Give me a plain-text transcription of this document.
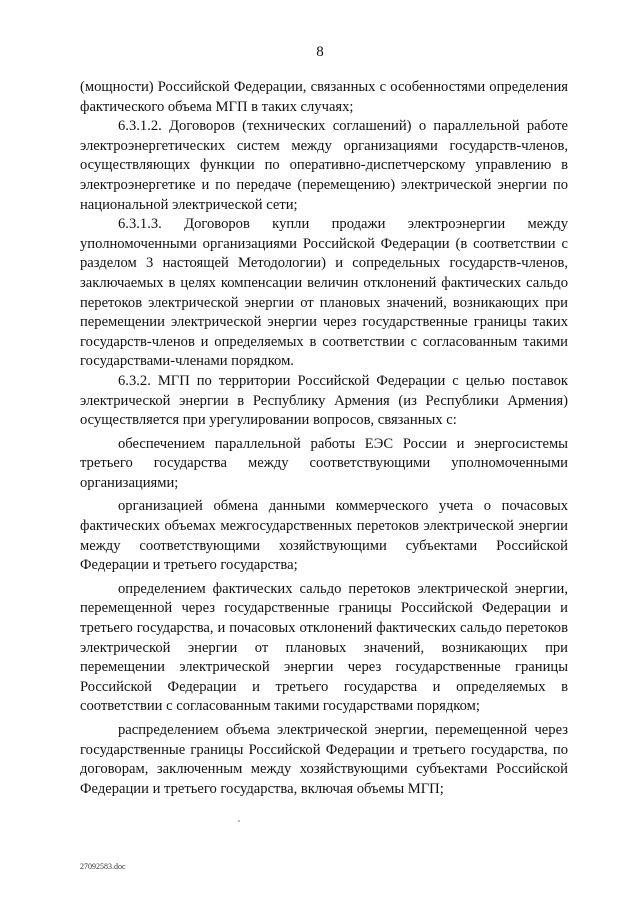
8

(мощности) Российской Федерации, связанных с особенностями определения фактического объема МГП в таких случаях;

6.3.1.2. Договоров (технических соглашений) о параллельной работе электроэнергетических систем между организациями государств-членов, осуществляющих функции по оперативно-диспетчерскому управлению в электроэнергетике и по передаче (перемещению) электрической энергии по национальной электрической сети;

6.3.1.3. Договоров купли продажи электроэнергии между уполномоченными организациями Российской Федерации (в соответствии с разделом 3 настоящей Методологии) и сопредельных государств-членов, заключаемых в целях компенсации величин отклонений фактических сальдо перетоков электрической энергии от плановых значений, возникающих при перемещении электрической энергии через государственные границы таких государств-членов и определяемых в соответствии с согласованным такими государствами-членами порядком.

6.3.2. МГП по территории Российской Федерации с целью поставок электрической энергии в Республику Армения (из Республики Армения) осуществляется при урегулировании вопросов, связанных с:

обеспечением параллельной работы ЕЭС России и энергосистемы третьего государства между соответствующими уполномоченными организациями;

организацией обмена данными коммерческого учета о почасовых фактических объемах межгосударственных перетоков электрической энергии между соответствующими хозяйствующими субъектами Российской Федерации и третьего государства;

определением фактических сальдо перетоков электрической энергии, перемещенной через государственные границы Российской Федерации и третьего государства, и почасовых отклонений фактических сальдо перетоков электрической энергии от плановых значений, возникающих при перемещении электрической энергии через государственные границы Российской Федерации и третьего государства и определяемых в соответствии с согласованным такими государствами порядком;

распределением объема электрической энергии, перемещенной через государственные границы Российской Федерации и третьего государства, по договорам, заключенным между хозяйствующими субъектами Российской Федерации и третьего государства, включая объемы МГП;

27092583.doc
